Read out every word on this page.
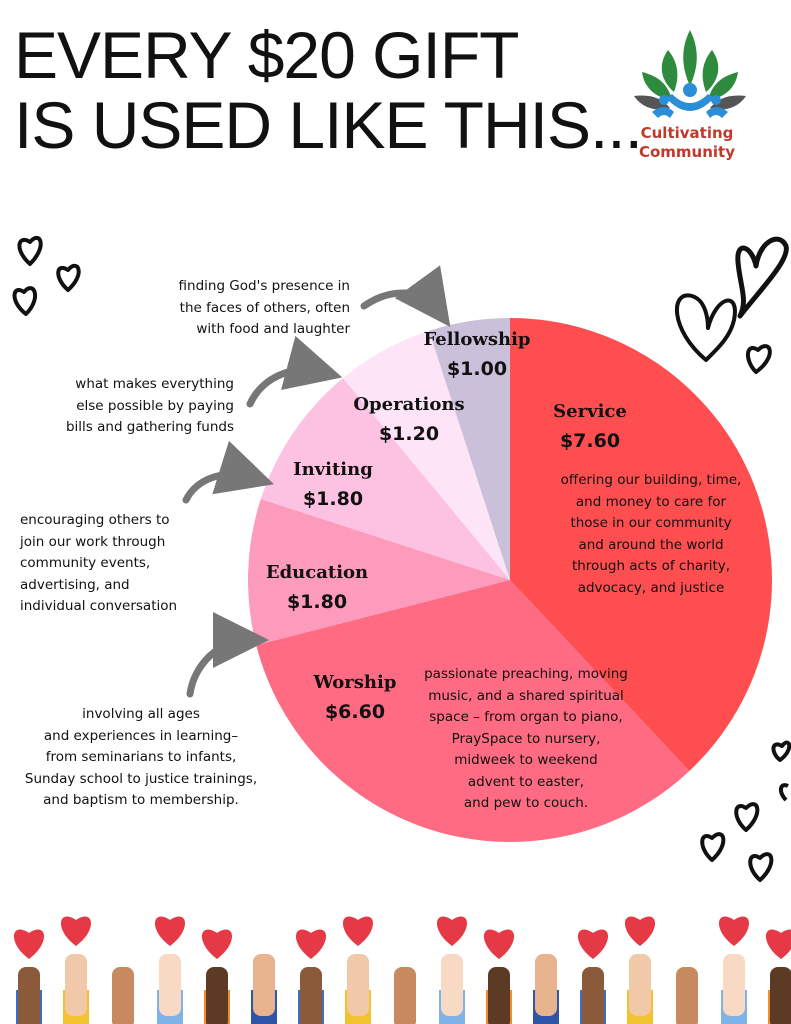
EVERY $20 GIFT
IS USED LIKE THIS...
Cultivating
Community
Service
$7.60
Worship
$6.60
Education
$1.80
Inviting
$1.80
Operations
$1.20
Fellowship
$1.00
offering our building, time,
and money to care for
those in our community
and around the world
through acts of charity,
advocacy, and justice
passionate preaching, moving
music, and a shared spiritual
space – from organ to piano,
PraySpace to nursery,
midweek to weekend
advent to easter,
and pew to couch.
involving all ages
and experiences in learning–
from seminarians to infants,
Sunday school to justice trainings,
and baptism to membership.
encouraging others to
join our work through
community events,
advertising, and
individual conversation
what makes everything
else possible by paying
bills and gathering funds
finding God's presence in
the faces of others, often
with food and laughter
